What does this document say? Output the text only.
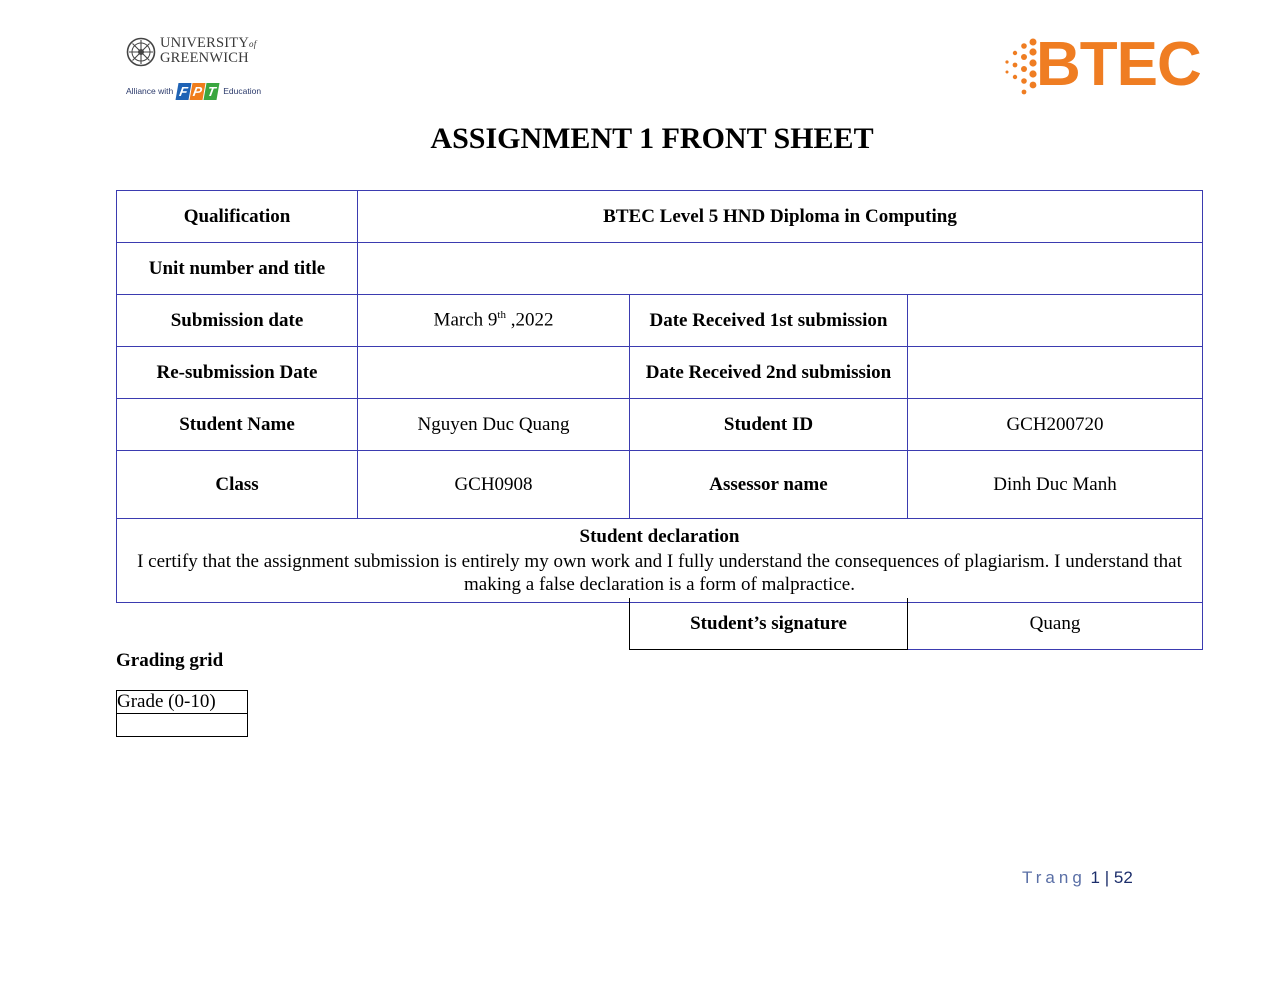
UNIVERSITYof
GREENWICH
Alliance with F P T Education	BTEC
ASSIGNMENT 1 FRONT SHEET
Qualification	BTEC Level 5 HND Diploma in Computing		
Unit number and title			
Submission date	March 9th ,2022	Date Received 1st submission	
Re-submission Date		Date Received 2nd submission	
Student Name	Nguyen Duc Quang	Student ID	GCH200720
Class	GCH0908	Assessor name	Dinh Duc Manh

Student declaration
I certify that the assignment submission is entirely my own work and I fully understand the consequences of plagiarism. I understand that making a false declaration is a form of malpractice.			
Student’s signature	Quang
Grading grid
Grade (0-10)

Trang 1 | 52
